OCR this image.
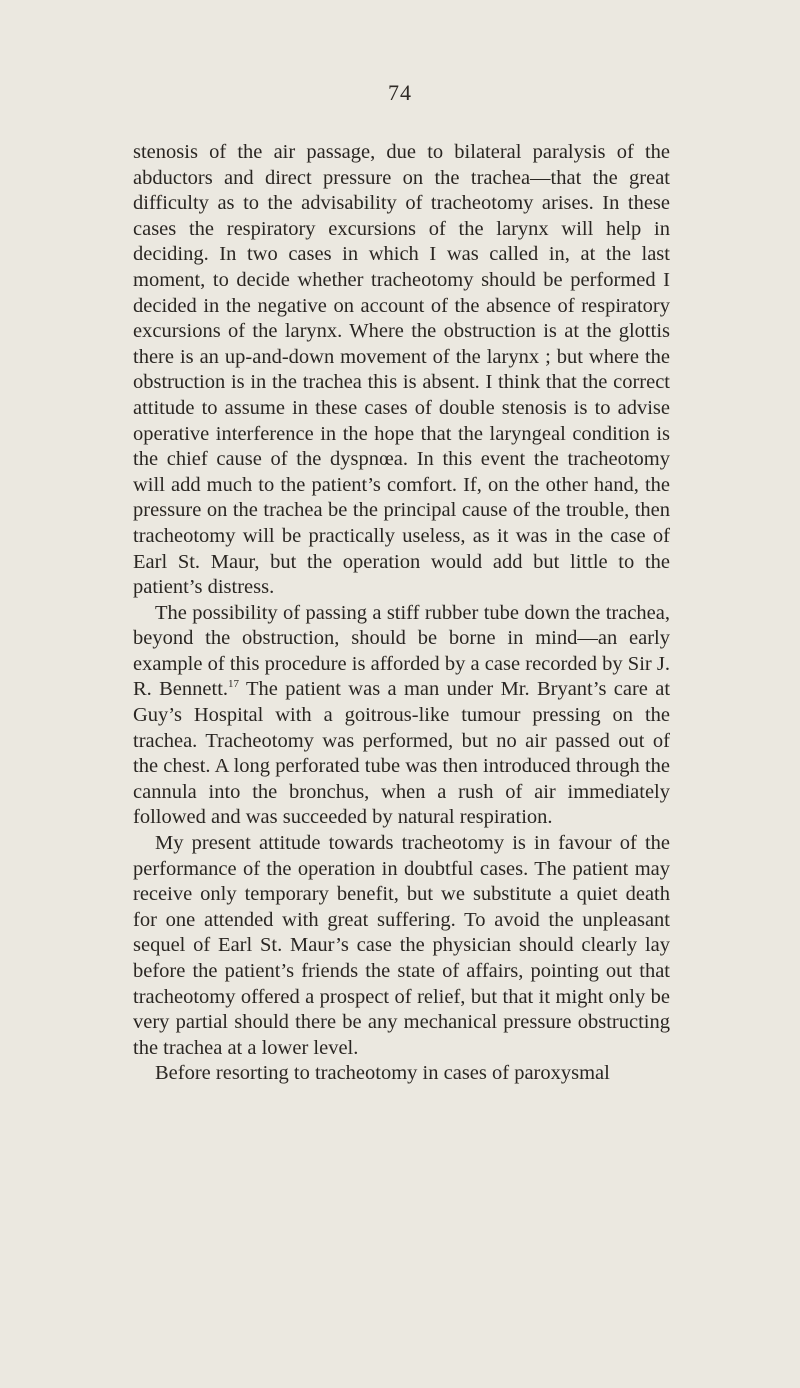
74

stenosis of the air passage, due to bilateral paralysis of the abductors and direct pressure on the trachea—that the great difficulty as to the advisability of tracheotomy arises. In these cases the respiratory excursions of the larynx will help in deciding. In two cases in which I was called in, at the last moment, to decide whether tracheotomy should be performed I decided in the negative on account of the absence of respiratory excursions of the larynx. Where the obstruction is at the glottis there is an up-and-down movement of the larynx ; but where the obstruction is in the trachea this is absent. I think that the correct attitude to assume in these cases of double stenosis is to advise operative interference in the hope that the laryngeal condition is the chief cause of the dyspnœa. In this event the tracheotomy will add much to the patient’s comfort. If, on the other hand, the pressure on the trachea be the principal cause of the trouble, then tracheotomy will be practically useless, as it was in the case of Earl St. Maur, but the operation would add but little to the patient’s distress.

The possibility of passing a stiff rubber tube down the trachea, beyond the obstruction, should be borne in mind—an early example of this procedure is afforded by a case recorded by Sir J. R. Bennett.$^{17}$ The patient was a man under Mr. Bryant’s care at Guy’s Hospital with a goitrous-like tumour pressing on the trachea. Tracheotomy was performed, but no air passed out of the chest. A long perforated tube was then introduced through the cannula into the bronchus, when a rush of air immediately followed and was succeeded by natural respiration.

My present attitude towards tracheotomy is in favour of the performance of the operation in doubtful cases. The patient may receive only temporary benefit, but we substitute a quiet death for one attended with great suffering. To avoid the unpleasant sequel of Earl St. Maur’s case the physician should clearly lay before the patient’s friends the state of affairs, pointing out that tracheotomy offered a prospect of relief, but that it might only be very partial should there be any mechanical pressure obstructing the trachea at a lower level.

Before resorting to tracheotomy in cases of paroxysmal
